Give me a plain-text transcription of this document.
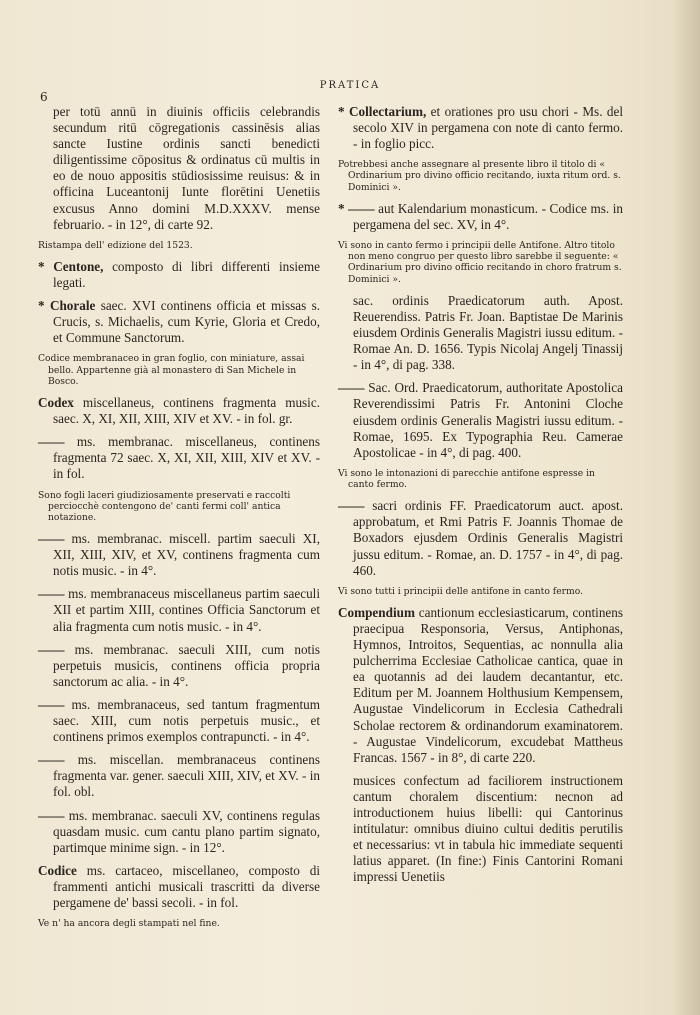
6
PRATICA
per totū annū in diuinis officiis celebrandis secundum ritū cōgregationis cassinēsis alias sancte Iustine ordinis sancti benedicti diligentissime cōpositus & ordinatus cū multis in eo de nouo appositis stūdiosissime reuisus: & in officina Luceantonij Iunte florētini Uenetiis excusus Anno domini M.D.XXXV. mense februario. - in 12°, di carte 92.
Ristampa dell' edizione del 1523.
* Centone, composto di libri differenti insieme legati.
* Chorale saec. XVI continens officia et missas s. Crucis, s. Michaelis, cum Kyrie, Gloria et Credo, et Commune Sanctorum.
Codice membranaceo in gran foglio, con miniature, assai bello. Appartenne già al monastero di San Michele in Bosco.
Codex miscellaneus, continens fragmenta music. saec. X, XI, XII, XIII, XIV et XV. - in fol. gr.
—— ms. membranac. miscellaneus, continens fragmenta 72 saec. X, XI, XII, XIII, XIV et XV. - in fol.
Sono fogli laceri giudiziosamente preservati e raccolti perciocchè contengono de' canti fermi coll' antica notazione.
—— ms. membranac. miscell. partim saeculi XI, XII, XIII, XIV, et XV, continens fragmenta cum notis music. - in 4°.
—— ms. membranaceus miscellaneus partim saeculi XII et partim XIII, contines Officia Sanctorum et alia fragmenta cum notis music. - in 4°.
—— ms. membranac. saeculi XIII, cum notis perpetuis musicis, continens officia propria sanctorum ac alia. - in 4°.
—— ms. membranaceus, sed tantum fragmentum saec. XIII, cum notis perpetuis music., et continens primos exemplos contrapuncti. - in 4°.
—— ms. miscellan. membranaceus continens fragmenta var. gener. saeculi XIII, XIV, et XV. - in fol. obl.
—— ms. membranac. saeculi XV, continens regulas quasdam music. cum cantu plano partim signato, partimque minime sign. - in 12°.
Codice ms. cartaceo, miscellaneo, composto di frammenti antichi musicali trascritti da diverse pergamene de' bassi secoli. - in fol.
Ve n' ha ancora degli stampati nel fine.
* Collectarium, et orationes pro usu chori - Ms. del secolo XIV in pergamena con note di canto fermo. - in foglio picc.
Potrebbesi anche assegnare al presente libro il titolo di « Ordinarium pro divino officio recitando, iuxta ritum ord. s. Dominici ».
* —— aut Kalendarium monasticum. - Codice ms. in pergamena del sec. XV, in 4°.
Vi sono in canto fermo i principii delle Antifone. Altro titolo non meno congruo per questo libro sarebbe il seguente: « Ordinarium pro divino officio recitando in choro fratrum s. Dominici ».
sac. ordinis Praedicatorum auth. Apost. Reuerendiss. Patris Fr. Joan. Baptistae De Marinis eiusdem Ordinis Generalis Magistri iussu editum. - Romae An. D. 1656. Typis Nicolaj Angelj Tinassij - in 4°, di pag. 338.
—— Sac. Ord. Praedicatorum, authoritate Apostolica Reverendissimi Patris Fr. Antonini Cloche eiusdem ordinis Generalis Magistri iussu editum. - Romae, 1695. Ex Typographia Reu. Camerae Apostolicae - in 4°, di pag. 400.
Vi sono le intonazioni di parecchie antifone espresse in canto fermo.
—— sacri ordinis FF. Praedicatorum auct. apost. approbatum, et Rmi Patris F. Joannis Thomae de Boxadors ejusdem Ordinis Generalis Magistri jussu editum. - Romae, an. D. 1757 - in 4°, di pag. 460.
Vi sono tutti i principii delle antifone in canto fermo.
Compendium cantionum ecclesiasticarum, continens praecipua Responsoria, Versus, Antiphonas, Hymnos, Introitos, Sequentias, ac nonnulla alia pulcherrima Ecclesiae Catholicae cantica, quae in ea quotannis ad dei laudem decantantur, etc. Editum per M. Joannem Holthusium Kempensem, Augustae Vindelicorum in Ecclesia Cathedrali Scholae rectorem & ordinandorum examinatorem. - Augustae Vindelicorum, excudebat Mattheus Francas. 1567 - in 8°, di carte 220.
musices confectum ad faciliorem instructionem cantum choralem discentium: necnon ad introductionem huius libelli: qui Cantorinus intitulatur: omnibus diuino cultui deditis perutilis et necessarius: vt in tabula hic immediate sequenti latius apparet. (In fine:) Finis Cantorini Romani impressi Uenetiis
